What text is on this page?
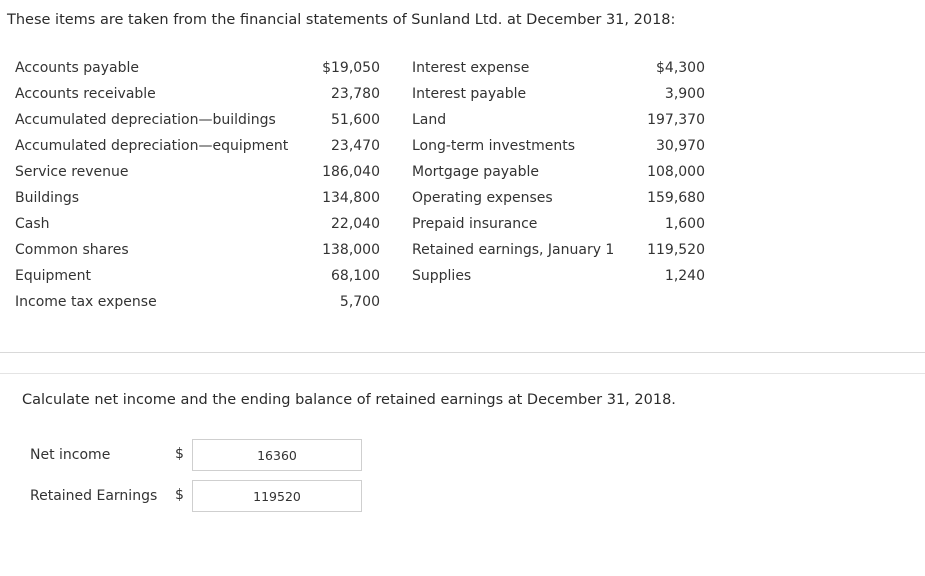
These items are taken from the financial statements of Sunland Ltd. at December 31, 2018:
Accounts payable	$19,050		Interest expense	$4,300
Accounts receivable	23,780		Interest payable	3,900
Accumulated depreciation—buildings	51,600		Land	197,370
Accumulated depreciation—equipment	23,470		Long-term investments	30,970
Service revenue	186,040		Mortgage payable	108,000
Buildings	134,800		Operating expenses	159,680
Cash	22,040		Prepaid insurance	1,600
Common shares	138,000		Retained earnings, January 1	119,520
Equipment	68,100		Supplies	1,240
Income tax expense	5,700			
Calculate net income and the ending balance of retained earnings at December 31, 2018.
Net income	$
16360
Retained Earnings $
119520
